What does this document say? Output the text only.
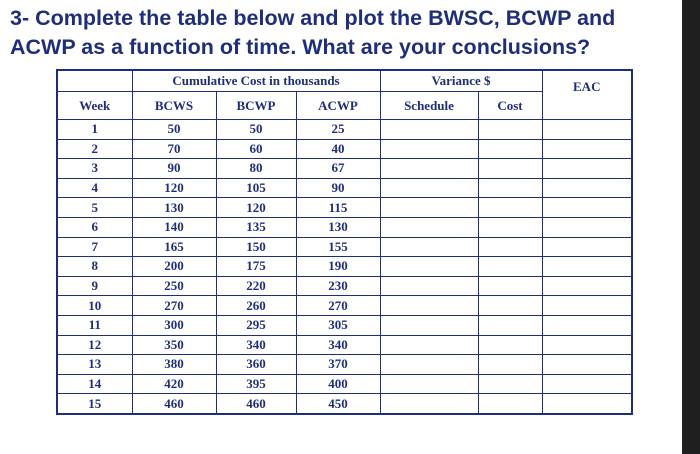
3- Complete the table below and plot the BWSC, BCWP and ACWP as a function of time. What are your conclusions?

	Cumulative Cost in thousands			Variance $		EAC
Week	BCWS	BCWP	ACWP	Schedule	Cost	
1	50	50	25			
2	70	60	40			
3	90	80	67			
4	120	105	90			
5	130	120	115			
6	140	135	130			
7	165	150	155			
8	200	175	190			
9	250	220	230			
10	270	260	270			
11	300	295	305			
12	350	340	340			
13	380	360	370			
14	420	395	400			
15	460	460	450			
